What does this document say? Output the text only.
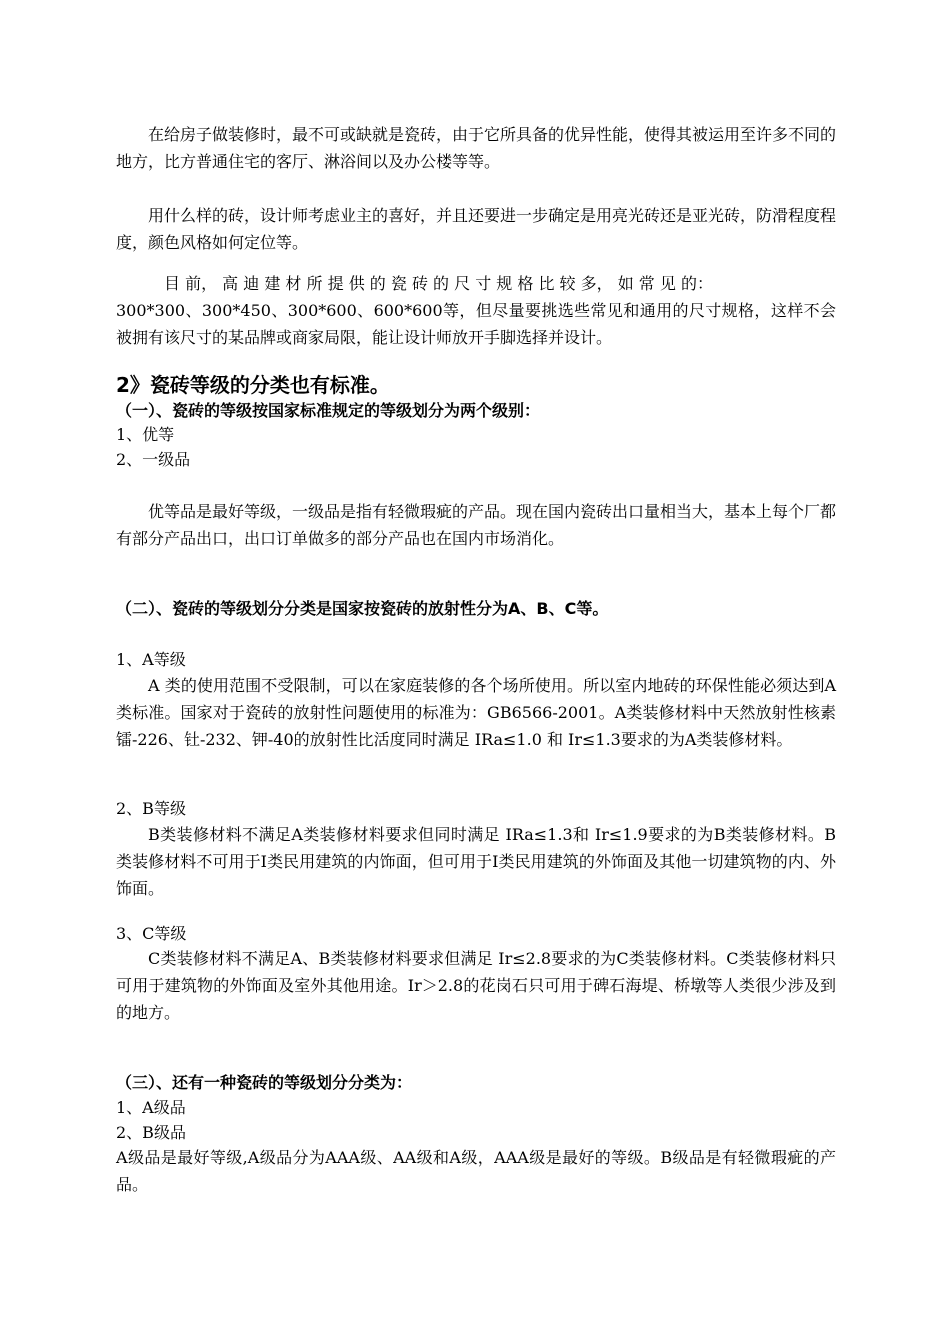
在给房子做装修时，最不可或缺就是瓷砖，由于它所具备的优异性能，使得其被运用至许多不同的地方，比方普通住宅的客厅、淋浴间以及办公楼等等。

用什么样的砖，设计师考虑业主的喜好，并且还要进一步确定是用亮光砖还是亚光砖，防滑程度程度，颜色风格如何定位等。

目 前， 高 迪 建 材 所 提 供 的 瓷 砖 的 尺 寸 规 格 比 较 多， 如 常 见 的：

300*300、300*450、300*600、600*600等，但尽量要挑选些常见和通用的尺寸规格，这样不会被拥有该尺寸的某品牌或商家局限，能让设计师放开手脚选择并设计。

2》瓷砖等级的分类也有标准。
（一）、瓷砖的等级按国家标准规定的等级划分为两个级别：
1、优等
2、一级品

优等品是最好等级，一级品是指有轻微瑕疵的产品。现在国内瓷砖出口量相当大，基本上每个厂都有部分产品出口，出口订单做多的部分产品也在国内市场消化。

（二）、瓷砖的等级划分分类是国家按瓷砖的放射性分为A、B、C等。
1、A等级

A 类的使用范围不受限制，可以在家庭装修的各个场所使用。所以室内地砖的环保性能必须达到A类标准。国家对于瓷砖的放射性问题使用的标准为：GB6566-2001。A类装修材料中天然放射性核素镭-226、钍-232、钾-40的放射性比活度同时满足 IRa≤1.0 和 Ir≤1.3要求的为A类装修材料。

2、B等级

B类装修材料不满足A类装修材料要求但同时满足 IRa≤1.3和 Ir≤1.9要求的为B类装修材料。B类装修材料不可用于Ⅰ类民用建筑的内饰面，但可用于Ⅰ类民用建筑的外饰面及其他一切建筑物的内、外饰面。

3、C等级

C类装修材料不满足A、B类装修材料要求但满足 Ir≤2.8要求的为C类装修材料。C类装修材料只可用于建筑物的外饰面及室外其他用途。Ir＞2.8的花岗石只可用于碑石海堤、桥墩等人类很少涉及到的地方。

（三）、还有一种瓷砖的等级划分分类为：
1、A级品
2、B级品

A级品是最好等级,A级品分为AAA级、AA级和A级，AAA级是最好的等级。B级品是有轻微瑕疵的产品。
